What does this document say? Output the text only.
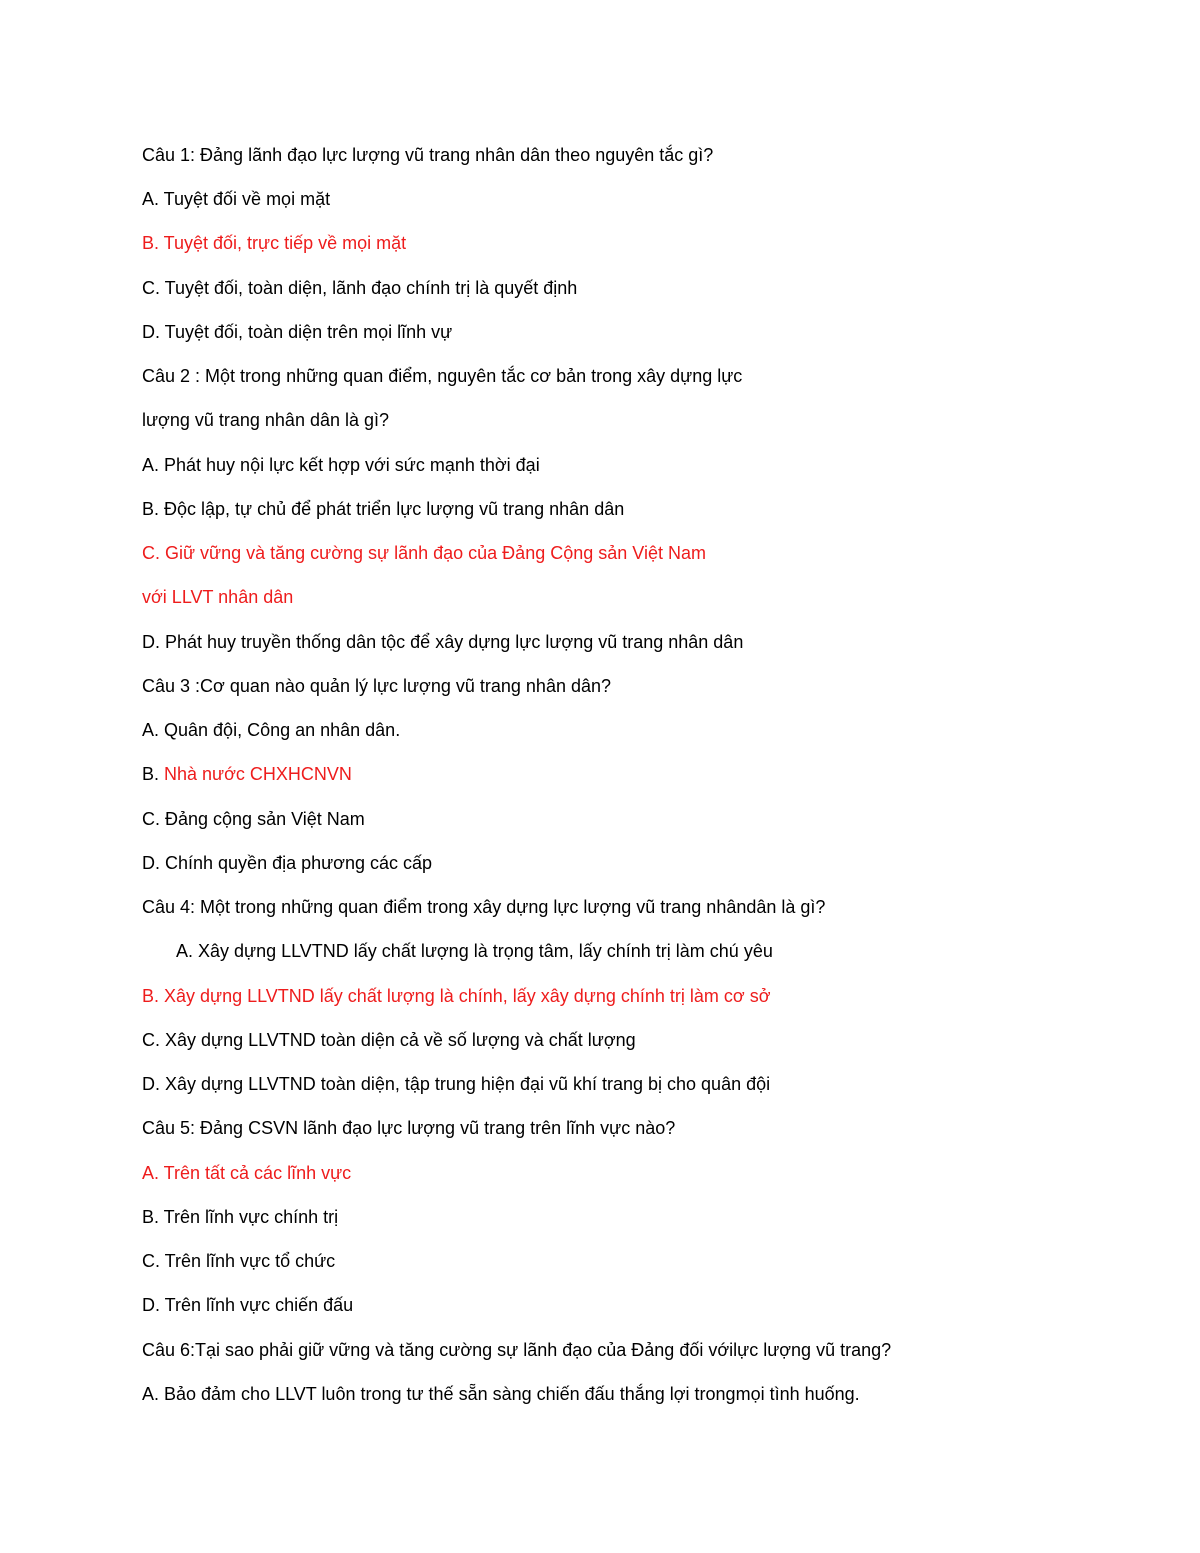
Câu 1: Đảng lãnh đạo lực lượng vũ trang nhân dân theo nguyên tắc gì?

A. Tuyệt đối về mọi mặt

B. Tuyệt đối, trực tiếp về mọi mặt

C. Tuyệt đối, toàn diện, lãnh đạo chính trị là quyết định

D. Tuyệt đối, toàn diện trên mọi lĩnh vự

Câu 2 : Một trong những quan điểm, nguyên tắc cơ bản trong xây dựng lực

lượng vũ trang nhân dân là gì?

A. Phát huy nội lực kết hợp với sức mạnh thời đại

B. Độc lập, tự chủ để phát triển lực lượng vũ trang nhân dân

C. Giữ vững và tăng cường sự lãnh đạo của Đảng Cộng sản Việt Nam

với LLVT nhân dân

D. Phát huy truyền thống dân tộc để xây dựng lực lượng vũ trang nhân dân

Câu 3 :Cơ quan nào quản lý lực lượng vũ trang nhân dân?

A. Quân đội, Công an nhân dân.

B. Nhà nước CHXHCNVN

C. Đảng cộng sản Việt Nam

D. Chính quyền địa phương các cấp

Câu 4: Một trong những quan điểm trong xây dựng lực lượng vũ trang nhândân là gì?

A. Xây dựng LLVTND lấy chất lượng là trọng tâm, lấy chính trị làm chú yêu

B. Xây dựng LLVTND lấy chất lượng là chính, lấy xây dựng chính trị làm cơ sở

C. Xây dựng LLVTND toàn diện cả về số lượng và chất lượng

D. Xây dựng LLVTND toàn diện, tập trung hiện đại vũ khí trang bị cho quân đội

Câu 5: Đảng CSVN lãnh đạo lực lượng vũ trang trên lĩnh vực nào?

A. Trên tất cả các lĩnh vực

B. Trên lĩnh vực chính trị

C. Trên lĩnh vực tổ chức

D. Trên lĩnh vực chiến đấu

Câu 6:Tại sao phải giữ vững và tăng cường sự lãnh đạo của Đảng đối vớilực lượng vũ trang?

A. Bảo đảm cho LLVT luôn trong tư thế sẵn sàng chiến đấu thắng lợi trongmọi tình huống.
